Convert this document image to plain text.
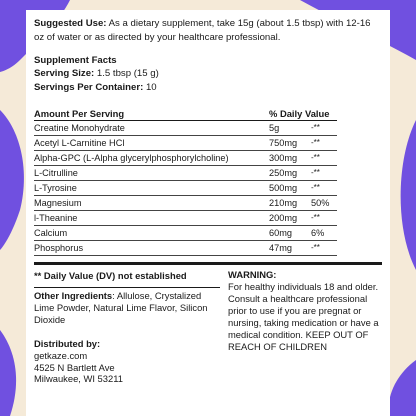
Suggested Use: As a dietary supplement, take 15g (about 1.5 tbsp) with 12-16 oz of water or as directed by your healthcare professional.
Supplement Facts
Serving Size: 1.5 tbsp (15 g)
Servings Per Container: 10
Amount Per Serving	% Daily Value
Creatine Monohydrate	5g	-**
Acetyl L-Carnitine HCl	750mg	-**
Alpha-GPC (L-Alpha glycerylphosphorylcholine)	300mg	-**
L-Citrulline	250mg	-**
L-Tyrosine	500mg	-**
Magnesium	210mg	50%
l-Theanine	200mg	-**
Calcium	60mg	6%
Phosphorus	47mg	-**
** Daily Value (DV) not established
Other Ingredients: Allulose, Crystalized Lime Powder, Natural Lime Flavor, Silicon Dioxide
Distributed by:
getkaze.com
4525 N Bartlett Ave
Milwaukee, WI 53211
WARNING:
For healthy individuals 18 and older. Consult a healthcare professional prior to use if you are pregnat or nursing, taking medication or have a medical condition. KEEP OUT OF REACH OF CHILDREN
